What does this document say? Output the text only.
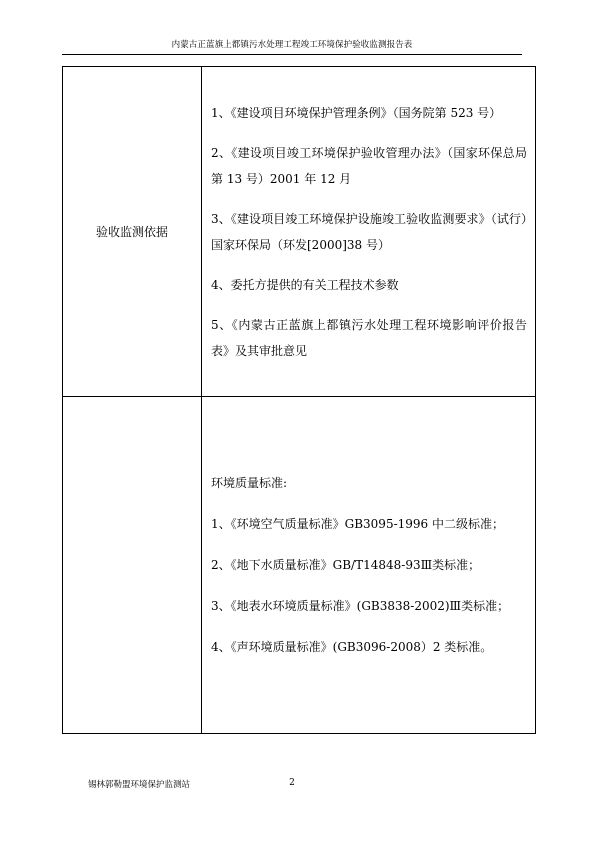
内蒙古正蓝旗上都镇污水处理工程竣工环境保护验收监测报告表
验收监测依据	1、《建设项目环境保护管理条例》（国务院第 523 号）

2、《建设项目竣工环境保护验收管理办法》（国家环保总局第 13 号）2001 年 12 月

3、《建设项目竣工环境保护设施竣工验收监测要求》（试行）国家环保局（环发[2000]38 号）

4、委托方提供的有关工程技术参数

5、《内蒙古正蓝旗上都镇污水处理工程环境影响评价报告表》及其审批意见

	环境质量标准:

1、《环境空气质量标准》GB3095-1996 中二级标准；

2、《地下水质量标准》GB/T14848-93Ⅲ类标准；

3、《地表水环境质量标准》(GB3838-2002)Ⅲ类标准；

4、《声环境质量标准》(GB3096-2008）2 类标准。

锡林郭勒盟环境保护监测站	2
